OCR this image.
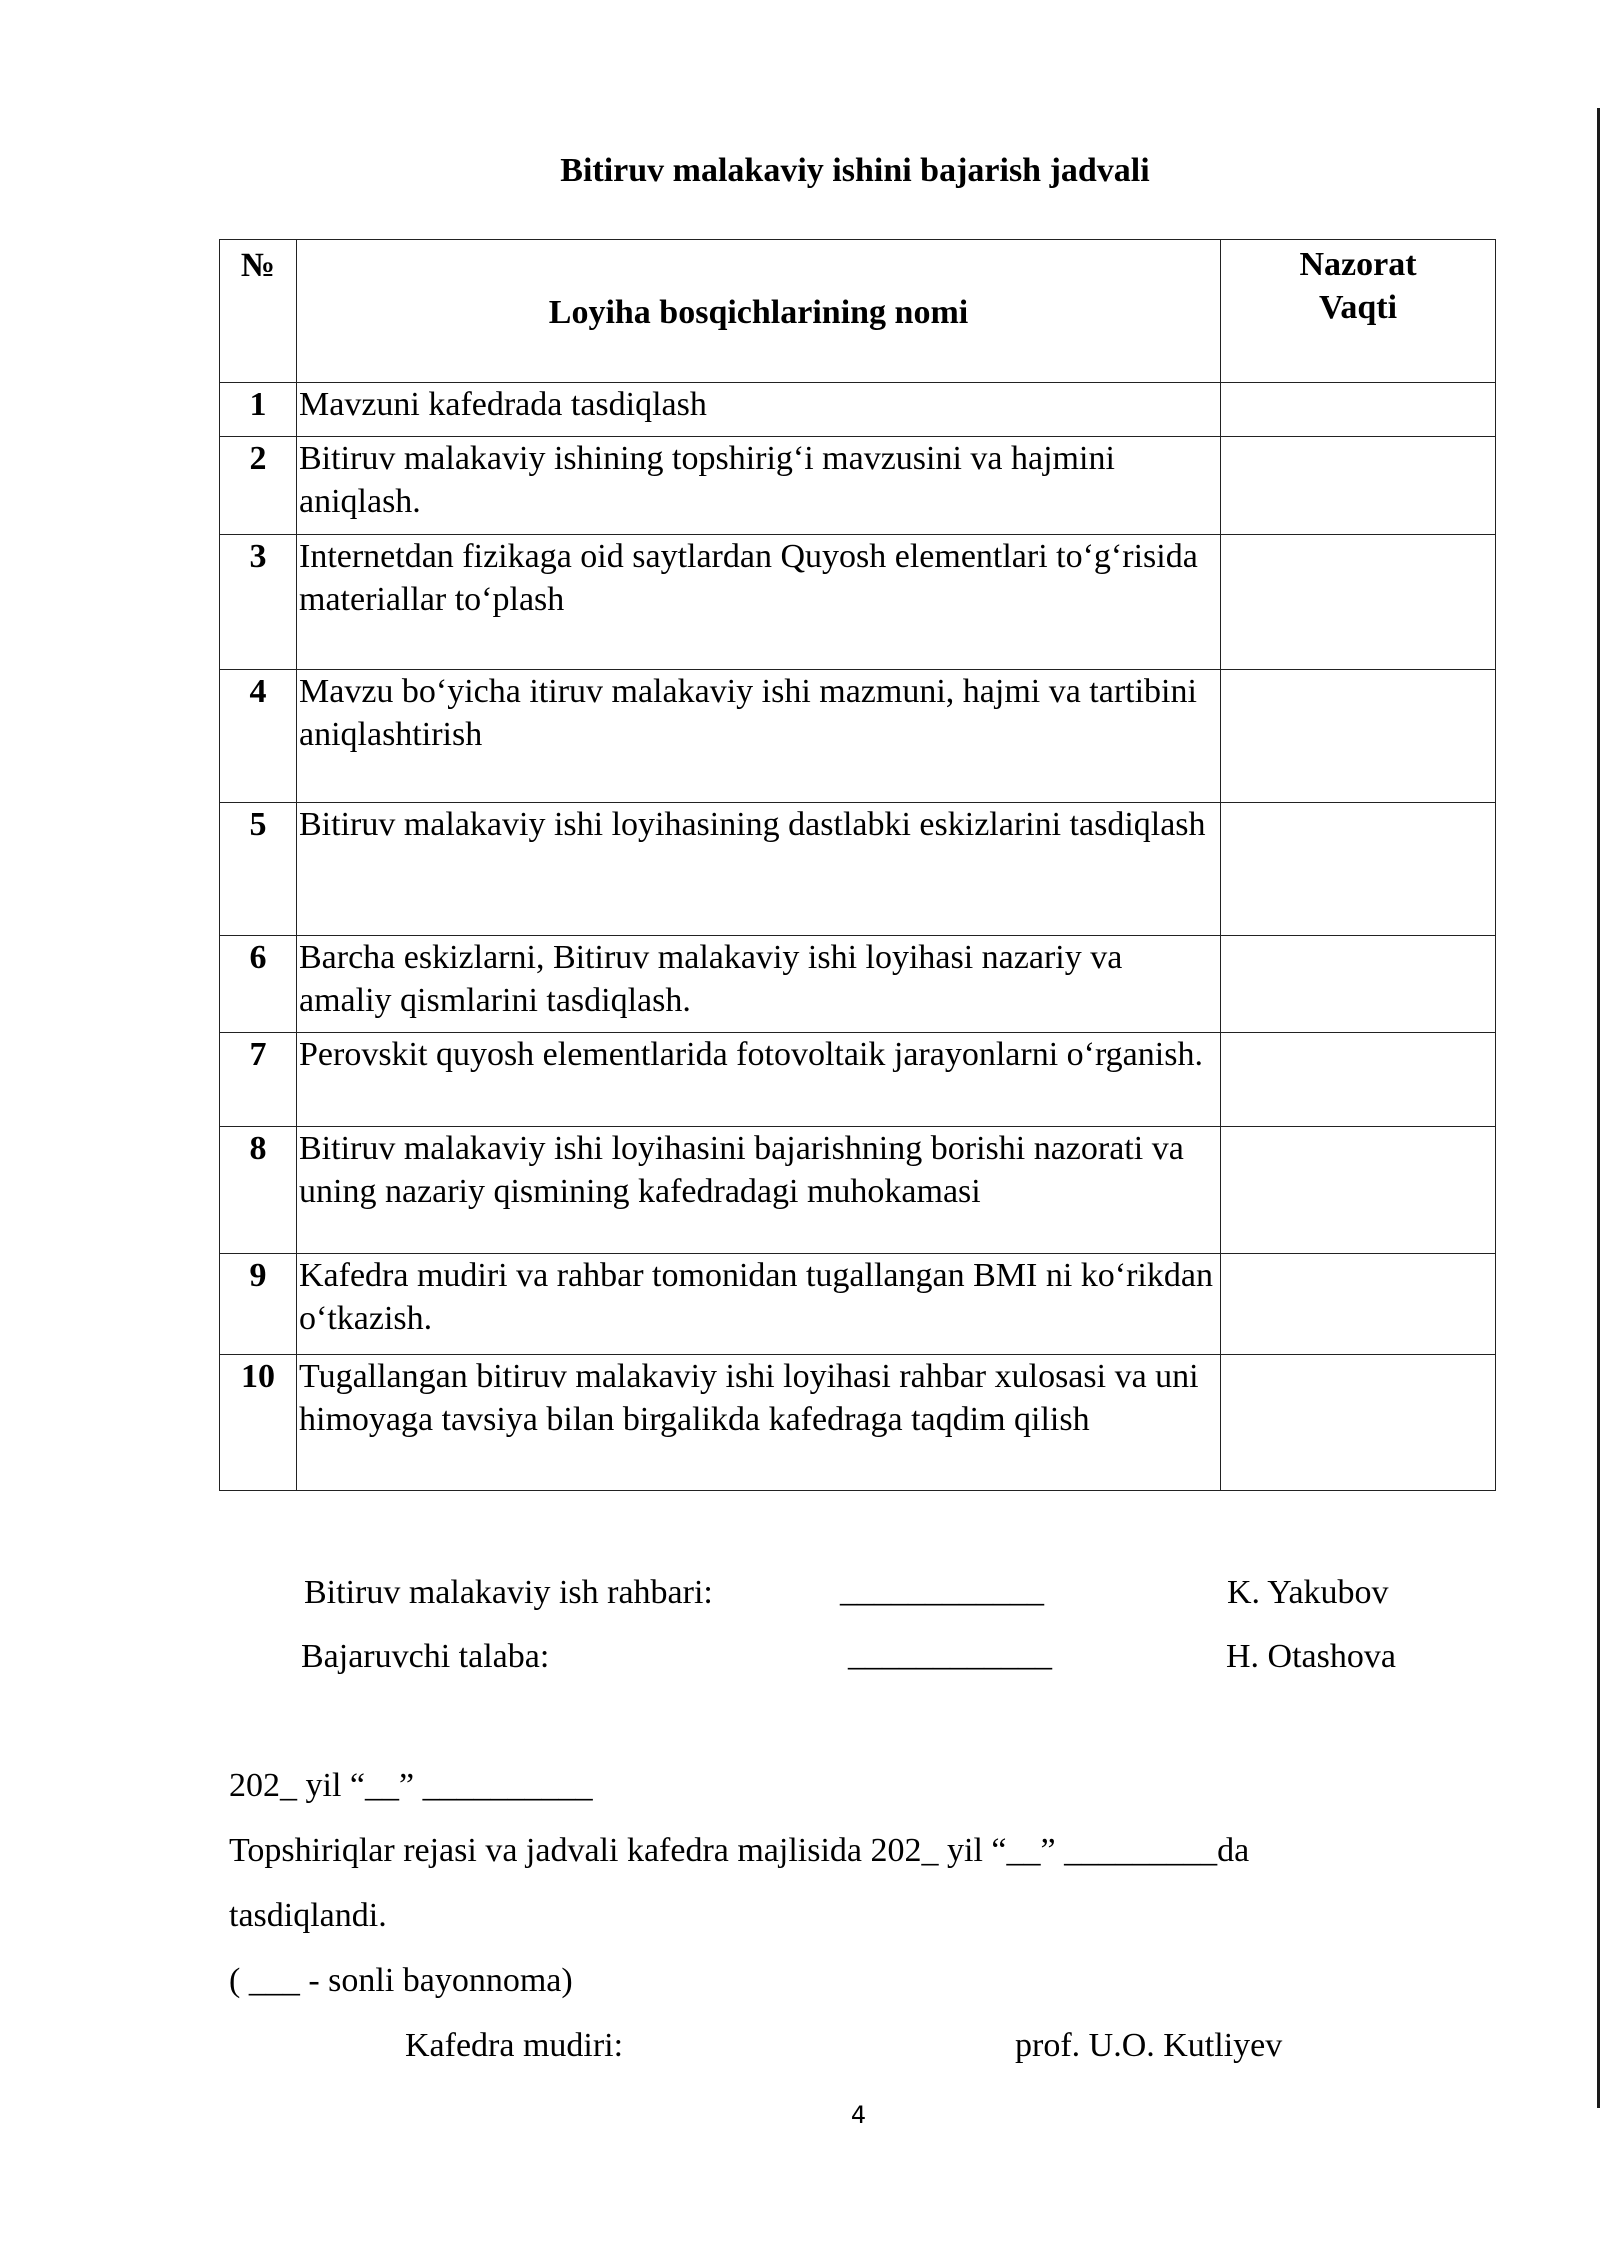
Bitiruv malakaviy ishini bajarish jadvali
№	Loyiha bosqichlarining nomi	Nazorat
Vaqti

1	Mavzuni kafedrada tasdiqlash	
2	Bitiruv malakaviy ishining topshirig‘i mavzusini va hajmini aniqlash.	
3	Internetdan fizikaga oid saytlardan Quyosh elementlari to‘g‘risida materiallar to‘plash	
4	Mavzu bo‘yicha itiruv malakaviy ishi mazmuni, hajmi va tartibini aniqlashtirish	
5	Bitiruv malakaviy ishi loyihasining dastlabki eskizlarini tasdiqlash	
6	Barcha eskizlarni, Bitiruv malakaviy ishi loyihasi nazariy va amaliy qismlarini tasdiqlash.	
7	Perovskit quyosh elementlarida fotovoltaik jarayonlarni o‘rganish.	
8	Bitiruv malakaviy ishi loyihasini bajarishning borishi nazorati va uning nazariy qismining kafedradagi muhokamasi	
9	Kafedra mudiri va rahbar tomonidan tugallangan BMI ni ko‘rikdan o‘tkazish.	
10	Tugallangan bitiruv malakaviy ishi loyihasi rahbar xulosasi va uni himoyaga tavsiya bilan birgalikda kafedraga taqdim qilish	
Bitiruv malakaviy ish rahbari:	____________	K. Yakubov
Bajaruvchi talaba:	____________	H. Otashova
202_ yil “__” __________
Topshiriqlar rejasi va jadvali kafedra majlisida 202_ yil “__” _________da
tasdiqlandi.
( ___ - sonli bayonnoma)
Kafedra mudiri:	prof. U.O. Kutliyev
4
